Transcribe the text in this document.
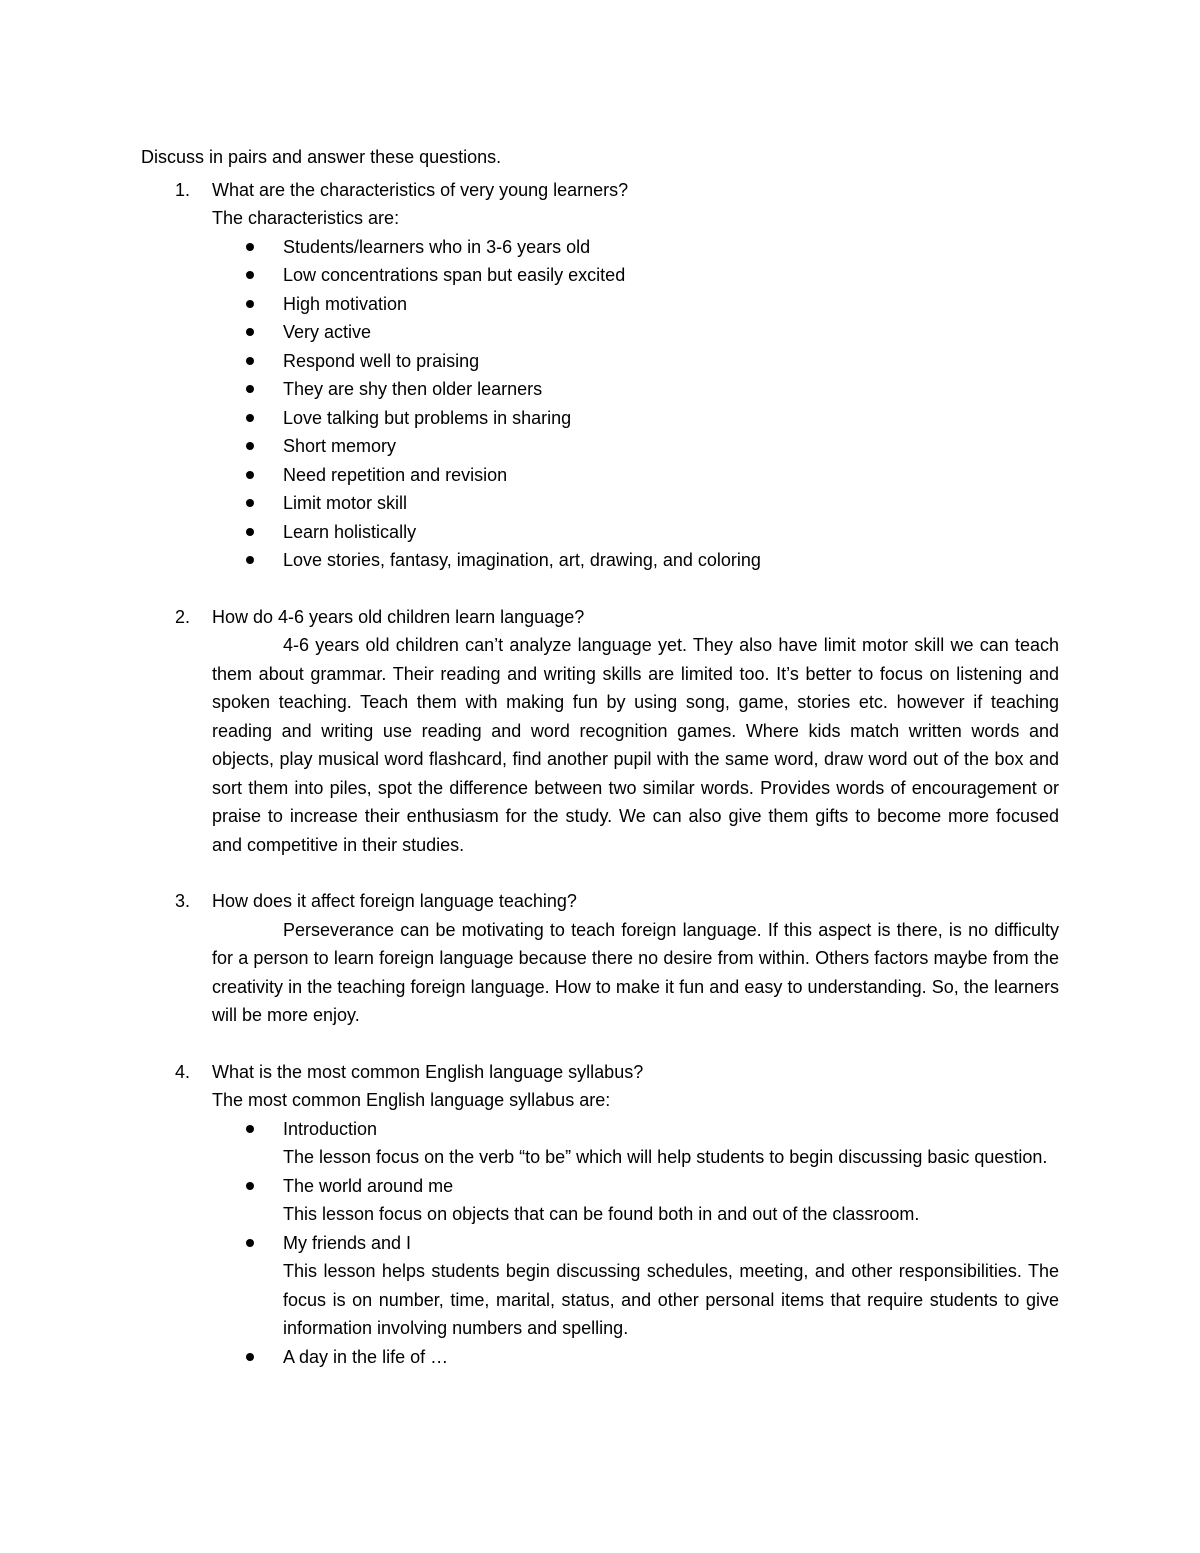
Discuss in pairs and answer these questions.

1.	What are the characteristics of very young learners?
The characteristics are:
Students/learners who in 3-6 years old
Low concentrations span but easily excited
High motivation
Very active
Respond well to praising
They are shy then older learners
Love talking but problems in sharing
Short memory
Need repetition and revision
Limit motor skill
Learn holistically
Love stories, fantasy, imagination, art, drawing, and coloring
2.	How do 4-6 years old children learn language?
4-6 years old children can’t analyze language yet. They also have limit motor skill we can teach them about grammar. Their reading and writing skills are limited too. It’s better to focus on listening and spoken teaching. Teach them with making fun by using song, game, stories etc. however if teaching reading and writing use reading and word recognition games. Where kids match written words and objects, play musical word flashcard, find another pupil with the same word, draw word out of the box and sort them into piles, spot the difference between two similar words. Provides words of encouragement or praise to increase their enthusiasm for the study. We can also give them gifts to become more focused and competitive in their studies.
3.	How does it affect foreign language teaching?
Perseverance can be motivating to teach foreign language. If this aspect is there, is no difficulty for a person to learn foreign language because there no desire from within. Others factors maybe from the creativity in the teaching foreign language. How to make it fun and easy to understanding. So, the learners will be more enjoy.
4.	What is the most common English language syllabus?
The most common English language syllabus are:
Introduction
The lesson focus on the verb “to be” which will help students to begin discussing basic question.
The world around me
This lesson focus on objects that can be found both in and out of the classroom.
My friends and I
This lesson helps students begin discussing schedules, meeting, and other responsibilities. The focus is on number, time, marital, status, and other personal items that require students to give information involving numbers and spelling.
A day in the life of …
